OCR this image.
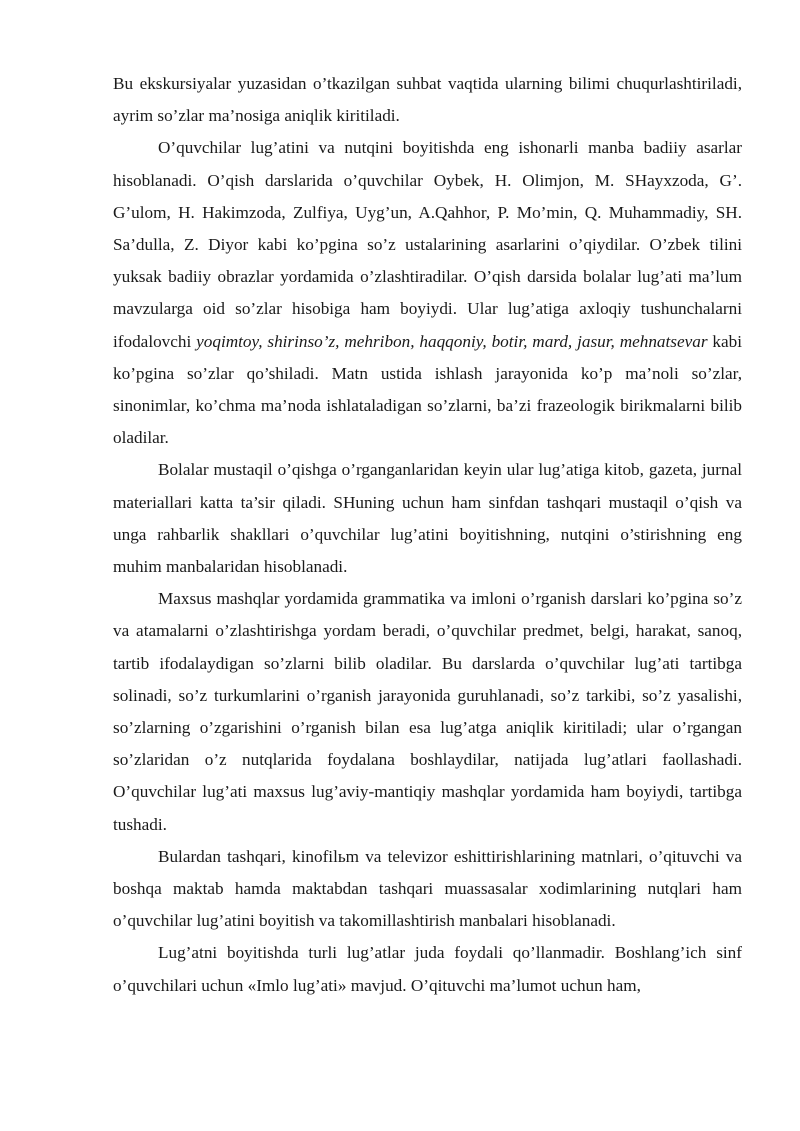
Bu ekskursiyalar yuzasidan o’tkazilgan suhbat vaqtida ularning bilimi chuqurlashtiriladi, ayrim so’zlar ma’nosiga aniqlik kiritiladi.

O’quvchilar lug’atini va nutqini boyitishda eng ishonarli manba badiiy asarlar hisoblanadi. O’qish darslarida o’quvchilar Oybek, H. Olimjon, M. SHayxzoda, G’. G’ulom, H. Hakimzoda, Zulfiya, Uyg’un, A.Qahhor, P. Mo’min, Q. Muhammadiy, SH. Sa’dulla, Z. Diyor kabi ko’pgina so’z ustalarining asarlarini o’qiydilar. O’zbek tilini yuksak badiiy obrazlar yordamida o’zlashtiradilar. O’qish darsida bolalar lug’ati ma’lum mavzularga oid so’zlar hisobiga ham boyiydi. Ular lug’atiga axloqiy tushunchalarni ifodalovchi yoqimtoy, shirinso’z, mehribon, haqqoniy, botir, mard, jasur, mehnatsevar kabi ko’pgina so’zlar qo’shiladi. Matn ustida ishlash jarayonida ko’p ma’noli so’zlar, sinonimlar, ko’chma ma’noda ishlataladigan so’zlarni, ba’zi frazeologik birikmalarni bilib oladilar.

Bolalar mustaqil o’qishga o’rganganlaridan keyin ular lug’atiga kitob, gazeta, jurnal materiallari katta ta’sir qiladi. SHuning uchun ham sinfdan tashqari mustaqil o’qish va unga rahbarlik shakllari o’quvchilar lug’atini boyitishning, nutqini o’stirishning eng muhim manbalaridan hisoblanadi.

Maxsus mashqlar yordamida grammatika va imloni o’rganish darslari ko’pgina so’z va atamalarni o’zlashtirishga yordam beradi, o’quvchilar predmet, belgi, harakat, sanoq, tartib ifodalaydigan so’zlarni bilib oladilar. Bu darslarda o’quvchilar lug’ati tartibga solinadi, so’z turkumlarini o’rganish jarayonida guruhlanadi, so’z tarkibi, so’z yasalishi, so’zlarning o’zgarishini o’rganish bilan esa lug’atga aniqlik kiritiladi; ular o’rgangan so’zlaridan o’z nutqlarida foydalana boshlaydilar, natijada lug’atlari faollashadi. O’quvchilar lug’ati maxsus lug’aviy-mantiqiy mashqlar yordamida ham boyiydi, tartibga tushadi.

Bulardan tashqari, kinofilьm va televizor eshittirishlarining matnlari, o’qituvchi va boshqa maktab hamda maktabdan tashqari muassasalar xodimlarining nutqlari ham o’quvchilar lug’atini boyitish va takomillashtirish manbalari hisoblanadi.

Lug’atni boyitishda turli lug’atlar juda foydali qo’llanmadir. Boshlang’ich sinf o’quvchilari uchun «Imlo lug’ati» mavjud. O’qituvchi ma’lumot uchun ham,
